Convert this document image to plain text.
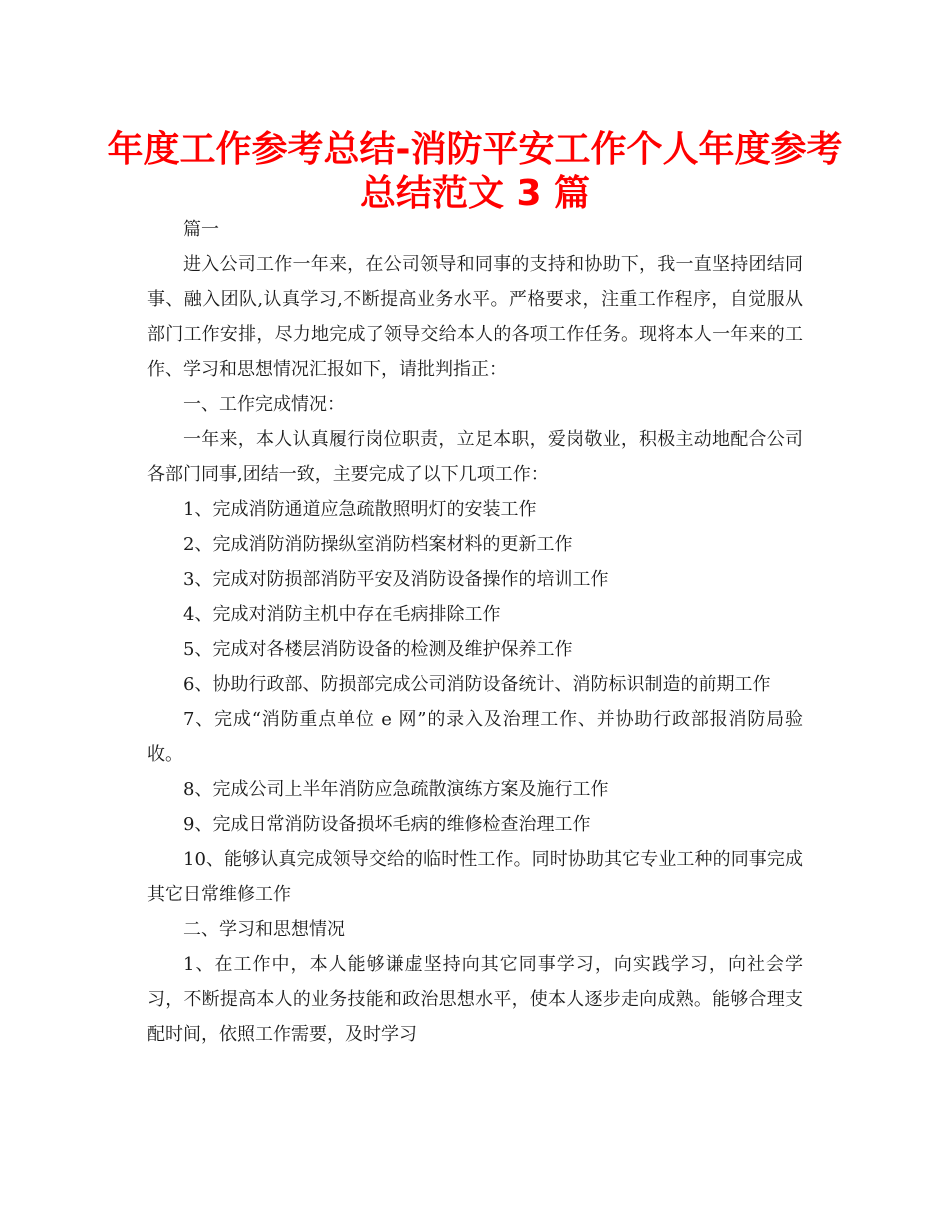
年度工作参考总结-消防平安工作个人年度参考
总结范文 3 篇

篇一

进入公司工作一年来，在公司领导和同事的支持和协助下，我一直坚持团结同事、融入团队,认真学习,不断提高业务水平。严格要求，注重工作程序，自觉服从部门工作安排，尽力地完成了领导交给本人的各项工作任务。现将本人一年来的工作、学习和思想情况汇报如下，请批判指正：

一、工作完成情况：

一年来，本人认真履行岗位职责，立足本职，爱岗敬业，积极主动地配合公司各部门同事,团结一致，主要完成了以下几项工作：

1、完成消防通道应急疏散照明灯的安装工作

2、完成消防消防操纵室消防档案材料的更新工作

3、完成对防损部消防平安及消防设备操作的培训工作

4、完成对消防主机中存在毛病排除工作

5、完成对各楼层消防设备的检测及维护保养工作

6、协助行政部、防损部完成公司消防设备统计、消防标识制造的前期工作

7、完成“消防重点单位 e 网”的录入及治理工作、并协助行政部报消防局验收。

8、完成公司上半年消防应急疏散演练方案及施行工作

9、完成日常消防设备损坏毛病的维修检查治理工作

10、能够认真完成领导交给的临时性工作。同时协助其它专业工种的同事完成其它日常维修工作

二、学习和思想情况

1、在工作中，本人能够谦虚坚持向其它同事学习，向实践学习，向社会学习，不断提高本人的业务技能和政治思想水平，使本人逐步走向成熟。能够合理支配时间，依照工作需要，及时学习
